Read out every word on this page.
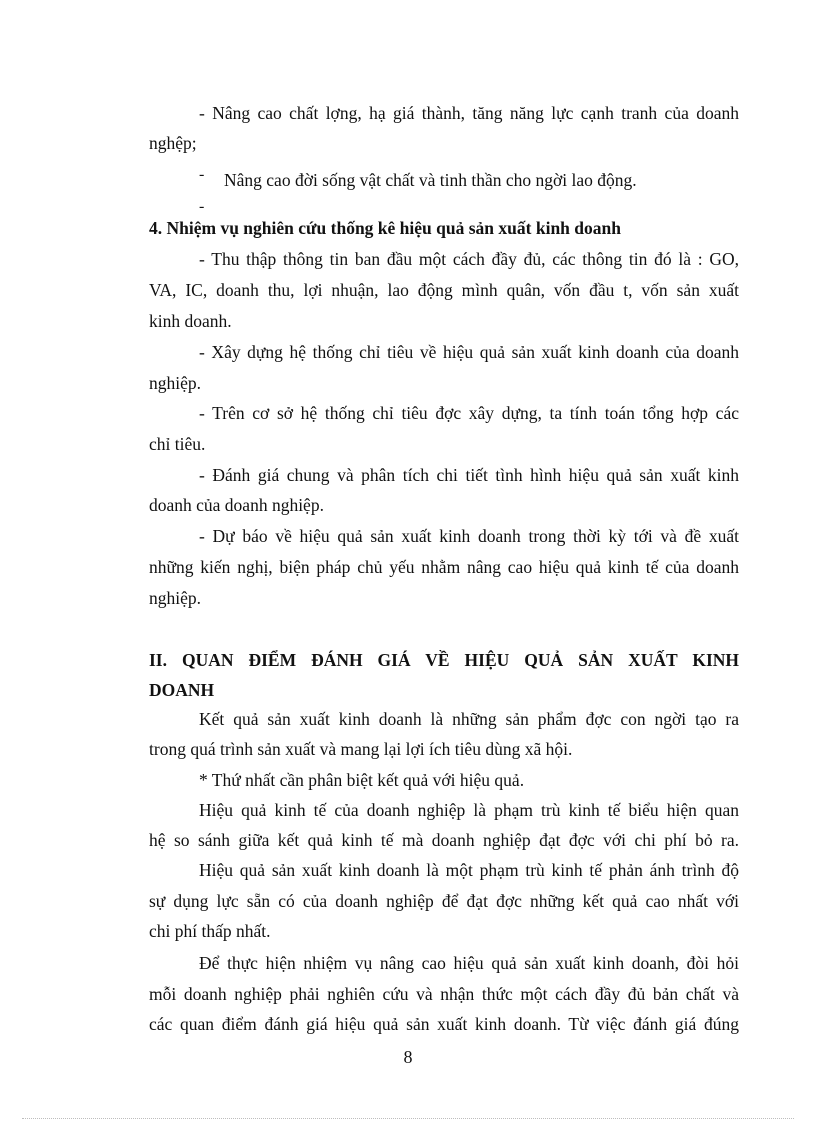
- Nâng cao chất lợng, hạ giá thành, tăng năng lực cạnh tranh của doanh
nghệp;
- Nâng cao đời sống vật chất và tinh thần cho ngời lao động.
-
4. Nhiệm vụ nghiên cứu thống kê hiệu quả sản xuất kinh doanh
- Thu thập thông tin ban đầu một cách đầy đủ, các thông tin đó là : GO,
VA, IC, doanh thu, lợi nhuận, lao động mình quân, vốn đầu t, vốn sản xuất
kinh doanh.
- Xây dựng hệ thống chỉ tiêu về hiệu quả sản xuất kinh doanh của doanh
nghiệp.
- Trên cơ sở hệ thống chỉ tiêu đợc xây dựng, ta tính toán tổng hợp các
chỉ tiêu.
- Đánh giá chung và phân tích chi tiết tình hình hiệu quả sản xuất kinh
doanh của doanh nghiệp.
- Dự báo về hiệu quả sản xuất kinh doanh trong thời kỳ tới và đề xuất
những kiến nghị, biện pháp chủ yếu nhằm nâng cao hiệu quả kinh tế của doanh
nghiệp.
II. QUAN ĐIỂM ĐÁNH GIÁ VỀ HIỆU QUẢ SẢN XUẤT KINH
DOANH
Kết quả sản xuất kinh doanh là những sản phẩm đợc con ngời tạo ra
trong quá trình sản xuất và mang lại lợi ích tiêu dùng xã hội.
* Thứ nhất cần phân biệt kết quả với hiệu quả.
Hiệu quả kinh tế của doanh nghiệp là phạm trù kinh tế biểu hiện quan
hệ so sánh giữa kết quả kinh tế mà doanh nghiệp đạt đợc với chi phí bỏ ra.
Hiệu quả sản xuất kinh doanh là một phạm trù kinh tế phản ánh trình độ
sự dụng lực sẵn có của doanh nghiệp để đạt đợc những kết quả cao nhất với
chi phí thấp nhất.
Để thực hiện nhiệm vụ nâng cao hiệu quả sản xuất kinh doanh, đòi hỏi
mỗi doanh nghiệp phải nghiên cứu và nhận thức một cách đầy đủ bản chất và
các quan điểm đánh giá hiệu quả sản xuất kinh doanh. Từ việc đánh giá đúng
8
